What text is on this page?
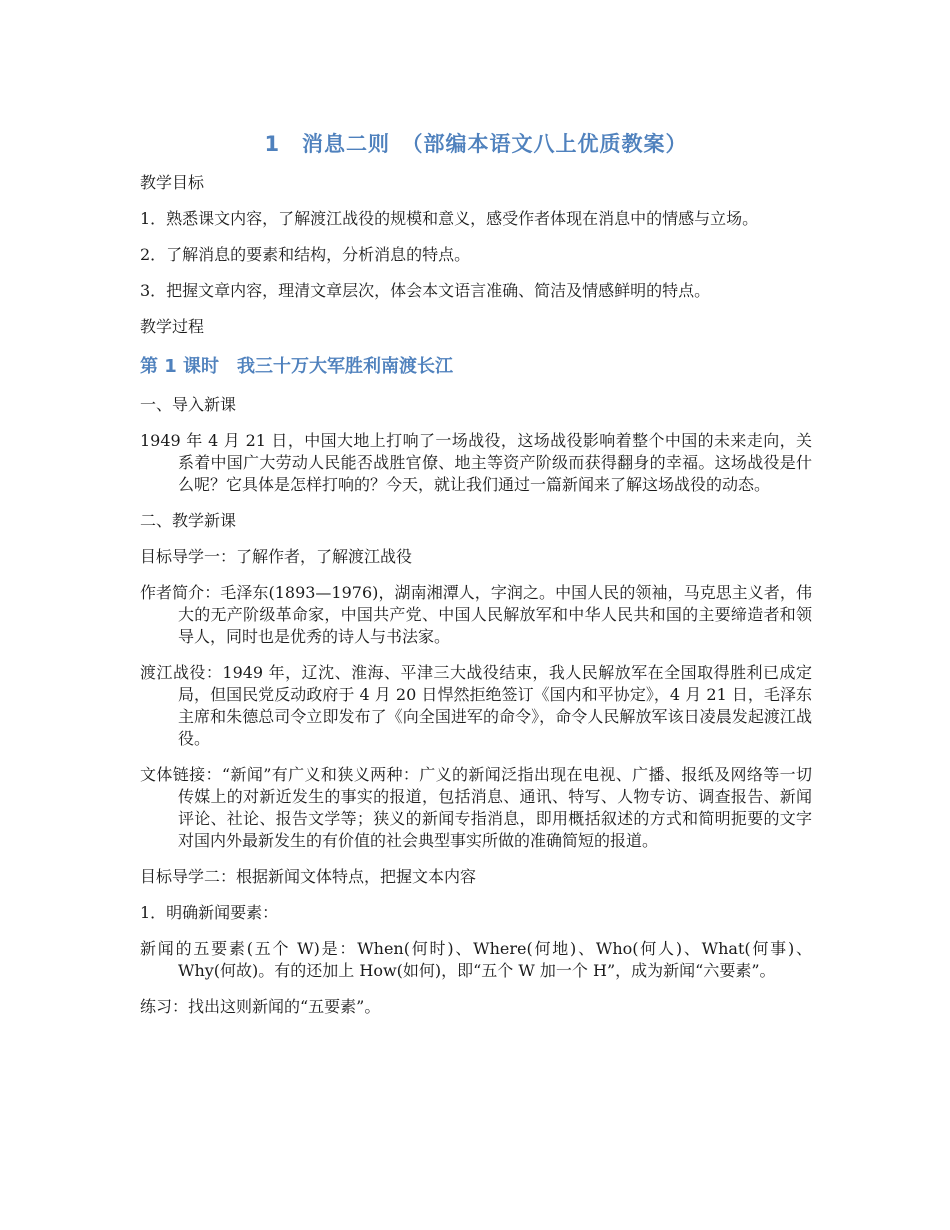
1　消息二则　（部编本语文八上优质教案）
教学目标
1．熟悉课文内容，了解渡江战役的规模和意义，感受作者体现在消息中的情感与立场。
2．了解消息的要素和结构，分析消息的特点。
3．把握文章内容，理清文章层次，体会本文语言准确、简洁及情感鲜明的特点。
教学过程
第 1 课时　我三十万大军胜利南渡长江
一、导入新课
1949 年 4 月 21 日，中国大地上打响了一场战役，这场战役影响着整个中国的未来走向，关系着中国广大劳动人民能否战胜官僚、地主等资产阶级而获得翻身的幸福。这场战役是什么呢？它具体是怎样打响的？今天，就让我们通过一篇新闻来了解这场战役的动态。
二、教学新课
目标导学一：了解作者，了解渡江战役
作者简介：毛泽东(1893—1976)，湖南湘潭人，字润之。中国人民的领袖，马克思主义者，伟大的无产阶级革命家，中国共产党、中国人民解放军和中华人民共和国的主要缔造者和领导人，同时也是优秀的诗人与书法家。
渡江战役：1949 年，辽沈、淮海、平津三大战役结束，我人民解放军在全国取得胜利已成定局，但国民党反动政府于 4 月 20 日悍然拒绝签订《国内和平协定》，4 月 21 日，毛泽东主席和朱德总司令立即发布了《向全国进军的命令》，命令人民解放军该日凌晨发起渡江战役。
文体链接：“新闻”有广义和狭义两种：广义的新闻泛指出现在电视、广播、报纸及网络等一切传媒上的对新近发生的事实的报道，包括消息、通讯、特写、人物专访、调查报告、新闻评论、社论、报告文学等；狭义的新闻专指消息，即用概括叙述的方式和简明扼要的文字对国内外最新发生的有价值的社会典型事实所做的准确简短的报道。
目标导学二：根据新闻文体特点，把握文本内容
1．明确新闻要素：
新闻的五要素(五个 W)是：When(何时)、Where(何地)、Who(何人)、What(何事)、Why(何故)。有的还加上 How(如何)，即“五个 W 加一个 H”，成为新闻“六要素”。
练习：找出这则新闻的“五要素”。
